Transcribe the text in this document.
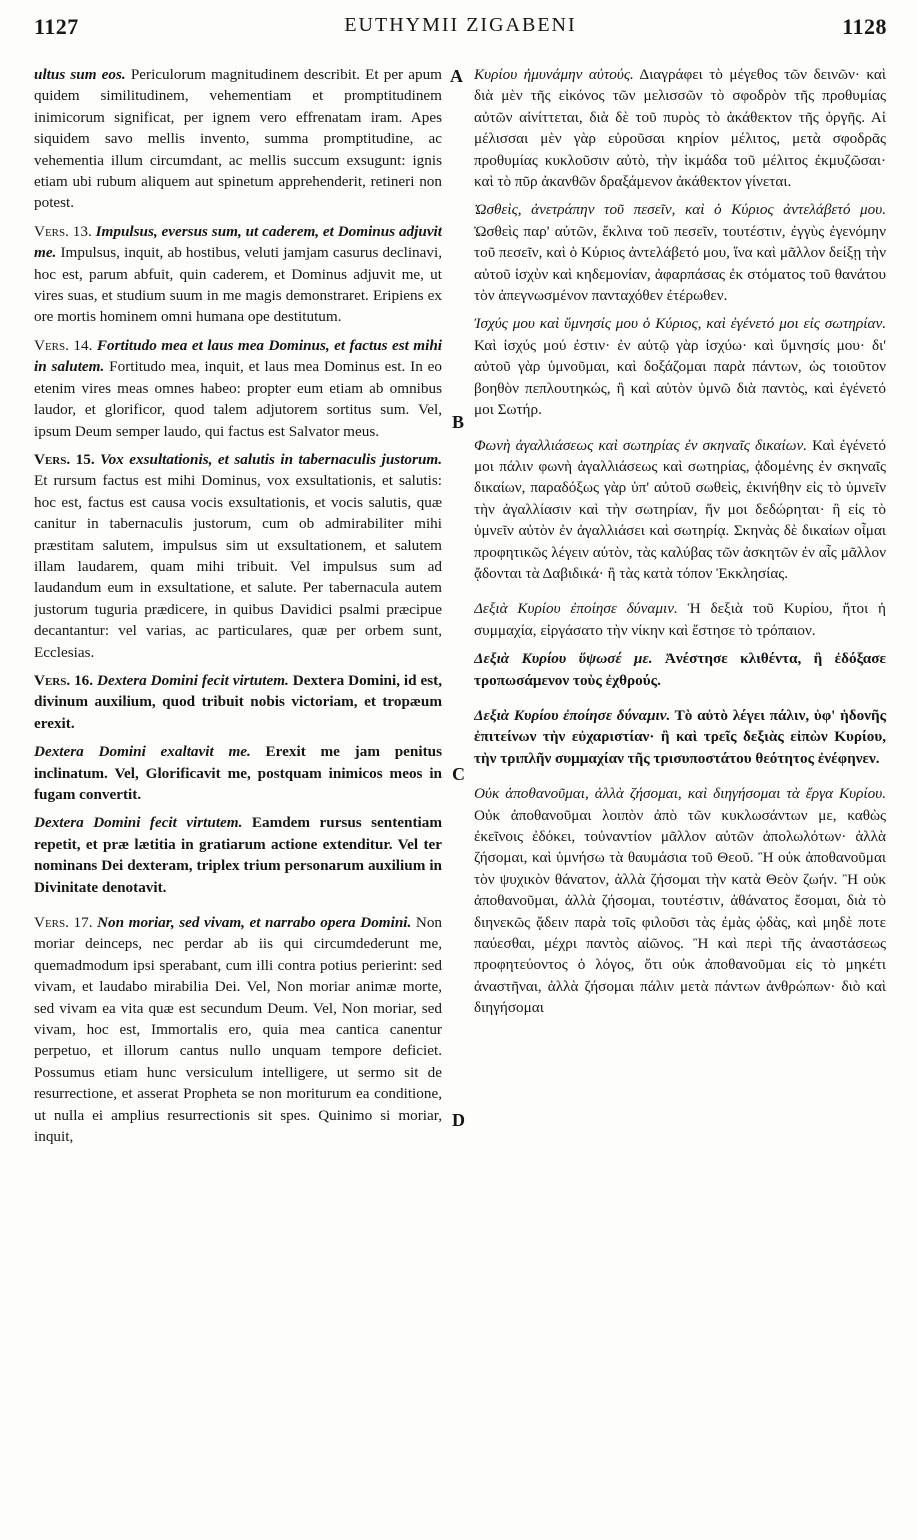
1127	EUTHYMII ZIGABENI	1128
A
B
C
D

ultus sum eos. Periculorum magnitudinem describit. Et per apum quidem similitudinem, vehementiam et promptitudinem inimicorum significat, per ignem vero effrenatam iram. Apes siquidem savo mellis invento, summa promptitudine, ac vehementia illum circumdant, ac mellis succum exsugunt: ignis etiam ubi rubum aliquem aut spinetum apprehenderit, retineri non potest.

Vers. 13. Impulsus, eversus sum, ut caderem, et Dominus adjuvit me. Impulsus, inquit, ab hostibus, veluti jamjam casurus declinavi, hoc est, parum abfuit, quin caderem, et Dominus adjuvit me, ut vires suas, et studium suum in me magis demonstraret. Eripiens ex ore mortis hominem omni humana ope destitutum.

Vers. 14. Fortitudo mea et laus mea Dominus, et factus est mihi in salutem. Fortitudo mea, inquit, et laus mea Dominus est. In eo etenim vires meas omnes habeo: propter eum etiam ab omnibus laudor, et glorificor, quod talem adjutorem sortitus sum. Vel, ipsum Deum semper laudo, qui factus est Salvator meus.

Vers. 15. Vox exsultationis, et salutis in tabernaculis justorum. Et rursum factus est mihi Dominus, vox exsultationis, et salutis: hoc est, factus est causa vocis exsultationis, et vocis salutis, quæ canitur in tabernaculis justorum, cum ob admirabiliter mihi præstitam salutem, impulsus sim ut exsultationem, et salutem illam laudarem, quam mihi tribuit. Vel impulsus sum ad laudandum eum in exsultatione, et salute. Per tabernacula autem justorum tuguria prædicere, in quibus Davidici psalmi præcipue decantantur: vel varias, ac particulares, quæ per orbem sunt, Ecclesias.

Vers. 16. Dextera Domini fecit virtutem. Dextera Domini, id est, divinum auxilium, quod tribuit nobis victoriam, et tropæum erexit.

Dextera Domini exaltavit me. Erexit me jam penitus inclinatum. Vel, Glorificavit me, postquam inimicos meos in fugam convertit.

Dextera Domini fecit virtutem. Eamdem rursus sententiam repetit, et præ lætitia in gratiarum actione extenditur. Vel ter nominans Dei dexteram, triplex trium personarum auxilium in Divinitate denotavit.

Vers. 17. Non moriar, sed vivam, et narrabo opera Domini. Non moriar deinceps, nec perdar ab iis qui circumdederunt me, quemadmodum ipsi sperabant, cum illi contra potius perierint: sed vivam, et laudabo mirabilia Dei. Vel, Non moriar animæ morte, sed vivam ea vita quæ est secundum Deum. Vel, Non moriar, sed vivam, hoc est, Immortalis ero, quia mea cantica canentur perpetuo, et illorum cantus nullo unquam tempore deficiet. Possumus etiam hunc versiculum intelligere, ut sermo sit de resurrectione, et asserat Propheta se non moriturum ea conditione, ut nulla ei amplius resurrectionis sit spes. Quinimo si moriar, inquit,

Κυρίου ἠμυνάμην αὐτούς. Διαγράφει τὸ μέγεθος τῶν δεινῶν· καὶ διὰ μὲν τῆς εἰκόνος τῶν μελισσῶν τὸ σφοδρὸν τῆς προθυμίας αὐτῶν αἰνίττεται, διὰ δὲ τοῦ πυρὸς τὸ ἀκάθεκτον τῆς ὀργῆς. Αἱ μέλισσαι μὲν γὰρ εὑροῦσαι κηρίον μέλιτος, μετὰ σφοδρᾶς προθυμίας κυκλοῦσιν αὐτὸ, τὴν ἰκμάδα τοῦ μέλιτος ἐκμυζῶσαι· καὶ τὸ πῦρ ἀκανθῶν δραξάμενον ἀκάθεκτον γίνεται.

Ὠσθεὶς, ἀνετράπην τοῦ πεσεῖν, καὶ ὁ Κύριος ἀντελάβετό μου. Ὠσθεὶς παρ' αὐτῶν, ἔκλινα τοῦ πεσεῖν, τουτέστιν, ἐγγὺς ἐγενόμην τοῦ πεσεῖν, καὶ ὁ Κύριος ἀντελάβετό μου, ἵνα καὶ μᾶλλον δείξῃ τὴν αὐτοῦ ἰσχὺν καὶ κηδεμονίαν, ἀφαρπάσας ἐκ στόματος τοῦ θανάτου τὸν ἀπεγνωσμένον πανταχόθεν ἐτέρωθεν.

Ἰσχύς μου καὶ ὕμνησίς μου ὁ Κύριος, καὶ ἐγένετό μοι εἰς σωτηρίαν. Καὶ ἰσχύς μού ἐστιν· ἐν αὐτῷ γὰρ ἰσχύω· καὶ ὕμνησίς μου· δι' αὐτοῦ γὰρ ὑμνοῦμαι, καὶ δοξάζομαι παρὰ πάντων, ὡς τοιοῦτον βοηθὸν πεπλουτηκώς, ἢ καὶ αὐτὸν ὑμνῶ διὰ παντὸς, καὶ ἐγένετό μοι Σωτήρ.

Φωνὴ ἀγαλλιάσεως καὶ σωτηρίας ἐν σκηναῖς δικαίων. Καὶ ἐγένετό μοι πάλιν φωνὴ ἀγαλλιάσεως καὶ σωτηρίας, ᾀδομένης ἐν σκηναῖς δικαίων, παραδόξως γὰρ ὑπ' αὐτοῦ σωθεὶς, ἐκινήθην εἰς τὸ ὑμνεῖν τὴν ἀγαλλίασιν καὶ τὴν σωτηρίαν, ἥν μοι δεδώρηται· ἢ εἰς τὸ ὑμνεῖν αὐτὸν ἐν ἀγαλλιάσει καὶ σωτηρίᾳ. Σκηνὰς δὲ δικαίων οἶμαι προφητικῶς λέγειν αὐτὸν, τὰς καλύβας τῶν ἀσκητῶν ἐν αἷς μᾶλλον ᾄδονται τὰ Δαβιδικά· ἢ τὰς κατὰ τόπον Ἐκκλησίας.

Δεξιὰ Κυρίου ἐποίησε δύναμιν. Ἡ δεξιὰ τοῦ Κυρίου, ἤτοι ἡ συμμαχία, εἰργάσατο τὴν νίκην καὶ ἔστησε τὸ τρόπαιον.

Δεξιὰ Κυρίου ὕψωσέ με. Ἀνέστησε κλιθέντα, ἢ ἐδόξασε τροπωσάμενον τοὺς ἐχθρούς.

Δεξιὰ Κυρίου ἐποίησε δύναμιν. Τὸ αὐτὸ λέγει πάλιν, ὑφ' ἡδονῆς ἐπιτείνων τὴν εὐχαριστίαν· ἢ καὶ τρεῖς δεξιὰς εἰπὼν Κυρίου, τὴν τριπλῆν συμμαχίαν τῆς τρισυποστάτου θεότητος ἐνέφηνεν.

Οὐκ ἀποθανοῦμαι, ἀλλὰ ζήσομαι, καὶ διηγήσομαι τὰ ἔργα Κυρίου. Οὐκ ἀποθανοῦμαι λοιπὸν ἀπὸ τῶν κυκλωσάντων με, καθὼς ἐκεῖνοις ἐδόκει, τοὐναντίον μᾶλλον αὐτῶν ἀπολωλότων· ἀλλὰ ζήσομαι, καὶ ὑμνήσω τὰ θαυμάσια τοῦ Θεοῦ. Ἢ οὐκ ἀποθανοῦμαι τὸν ψυχικὸν θάνατον, ἀλλὰ ζήσομαι τὴν κατὰ Θεὸν ζωήν. Ἢ οὐκ ἀποθανοῦμαι, ἀλλὰ ζήσομαι, τουτέστιν, ἀθάνατος ἔσομαι, διὰ τὸ διηνεκῶς ᾄδειν παρὰ τοῖς φιλοῦσι τὰς ἐμὰς ᾠδὰς, καὶ μηδὲ ποτε παύεσθαι, μέχρι παντὸς αἰῶνος. Ἢ καὶ περὶ τῆς ἀναστάσεως προφητεύοντος ὁ λόγος, ὅτι οὐκ ἀποθανοῦμαι εἰς τὸ μηκέτι ἀναστῆναι, ἀλλὰ ζήσομαι πάλιν μετὰ πάντων ἀνθρώπων· διὸ καὶ διηγήσομαι
